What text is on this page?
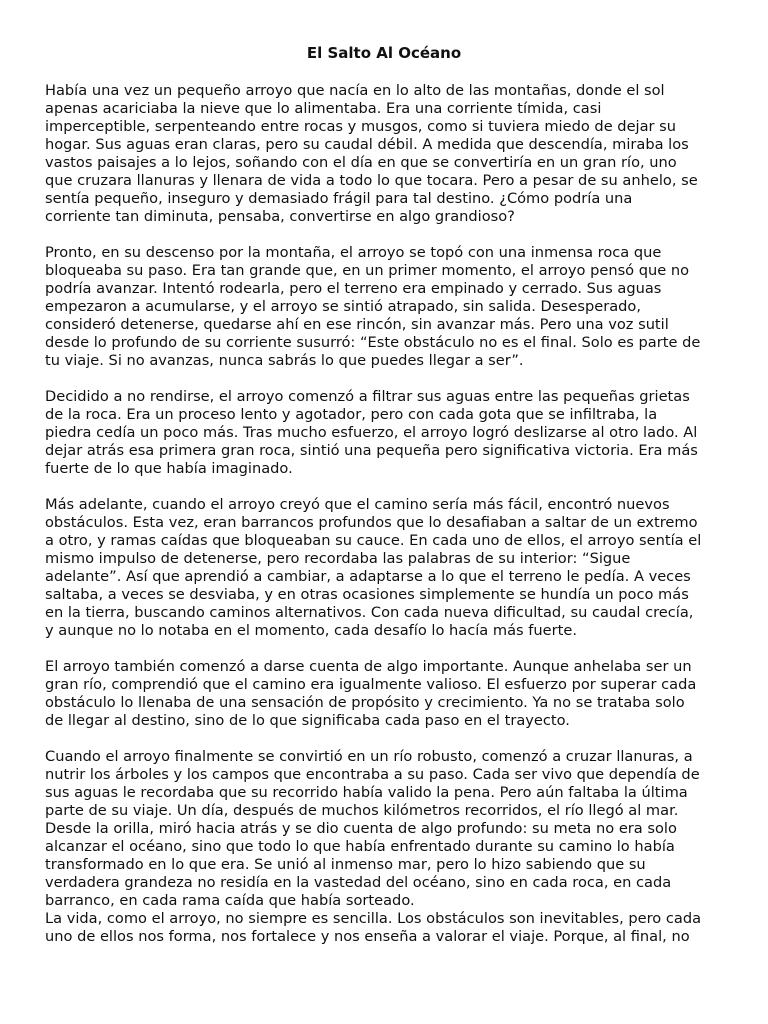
El Salto Al Océano
Había una vez un pequeño arroyo que nacía en lo alto de las montañas, donde el sol
apenas acariciaba la nieve que lo alimentaba. Era una corriente tímida, casi
imperceptible, serpenteando entre rocas y musgos, como si tuviera miedo de dejar su
hogar. Sus aguas eran claras, pero su caudal débil. A medida que descendía, miraba los
vastos paisajes a lo lejos, soñando con el día en que se convertiría en un gran río, uno
que cruzara llanuras y llenara de vida a todo lo que tocara. Pero a pesar de su anhelo, se
sentía pequeño, inseguro y demasiado frágil para tal destino. ¿Cómo podría una
corriente tan diminuta, pensaba, convertirse en algo grandioso?
Pronto, en su descenso por la montaña, el arroyo se topó con una inmensa roca que
bloqueaba su paso. Era tan grande que, en un primer momento, el arroyo pensó que no
podría avanzar. Intentó rodearla, pero el terreno era empinado y cerrado. Sus aguas
empezaron a acumularse, y el arroyo se sintió atrapado, sin salida. Desesperado,
consideró detenerse, quedarse ahí en ese rincón, sin avanzar más. Pero una voz sutil
desde lo profundo de su corriente susurró: “Este obstáculo no es el final. Solo es parte de
tu viaje. Si no avanzas, nunca sabrás lo que puedes llegar a ser”.
Decidido a no rendirse, el arroyo comenzó a filtrar sus aguas entre las pequeñas grietas
de la roca. Era un proceso lento y agotador, pero con cada gota que se infiltraba, la
piedra cedía un poco más. Tras mucho esfuerzo, el arroyo logró deslizarse al otro lado. Al
dejar atrás esa primera gran roca, sintió una pequeña pero significativa victoria. Era más
fuerte de lo que había imaginado.
Más adelante, cuando el arroyo creyó que el camino sería más fácil, encontró nuevos
obstáculos. Esta vez, eran barrancos profundos que lo desafiaban a saltar de un extremo
a otro, y ramas caídas que bloqueaban su cauce. En cada uno de ellos, el arroyo sentía el
mismo impulso de detenerse, pero recordaba las palabras de su interior: “Sigue
adelante”. Así que aprendió a cambiar, a adaptarse a lo que el terreno le pedía. A veces
saltaba, a veces se desviaba, y en otras ocasiones simplemente se hundía un poco más
en la tierra, buscando caminos alternativos. Con cada nueva dificultad, su caudal crecía,
y aunque no lo notaba en el momento, cada desafío lo hacía más fuerte.
El arroyo también comenzó a darse cuenta de algo importante. Aunque anhelaba ser un
gran río, comprendió que el camino era igualmente valioso. El esfuerzo por superar cada
obstáculo lo llenaba de una sensación de propósito y crecimiento. Ya no se trataba solo
de llegar al destino, sino de lo que significaba cada paso en el trayecto.
Cuando el arroyo finalmente se convirtió en un río robusto, comenzó a cruzar llanuras, a
nutrir los árboles y los campos que encontraba a su paso. Cada ser vivo que dependía de
sus aguas le recordaba que su recorrido había valido la pena. Pero aún faltaba la última
parte de su viaje. Un día, después de muchos kilómetros recorridos, el río llegó al mar.
Desde la orilla, miró hacia atrás y se dio cuenta de algo profundo: su meta no era solo
alcanzar el océano, sino que todo lo que había enfrentado durante su camino lo había
transformado en lo que era. Se unió al inmenso mar, pero lo hizo sabiendo que su
verdadera grandeza no residía en la vastedad del océano, sino en cada roca, en cada
barranco, en cada rama caída que había sorteado.
La vida, como el arroyo, no siempre es sencilla. Los obstáculos son inevitables, pero cada
uno de ellos nos forma, nos fortalece y nos enseña a valorar el viaje. Porque, al final, no
